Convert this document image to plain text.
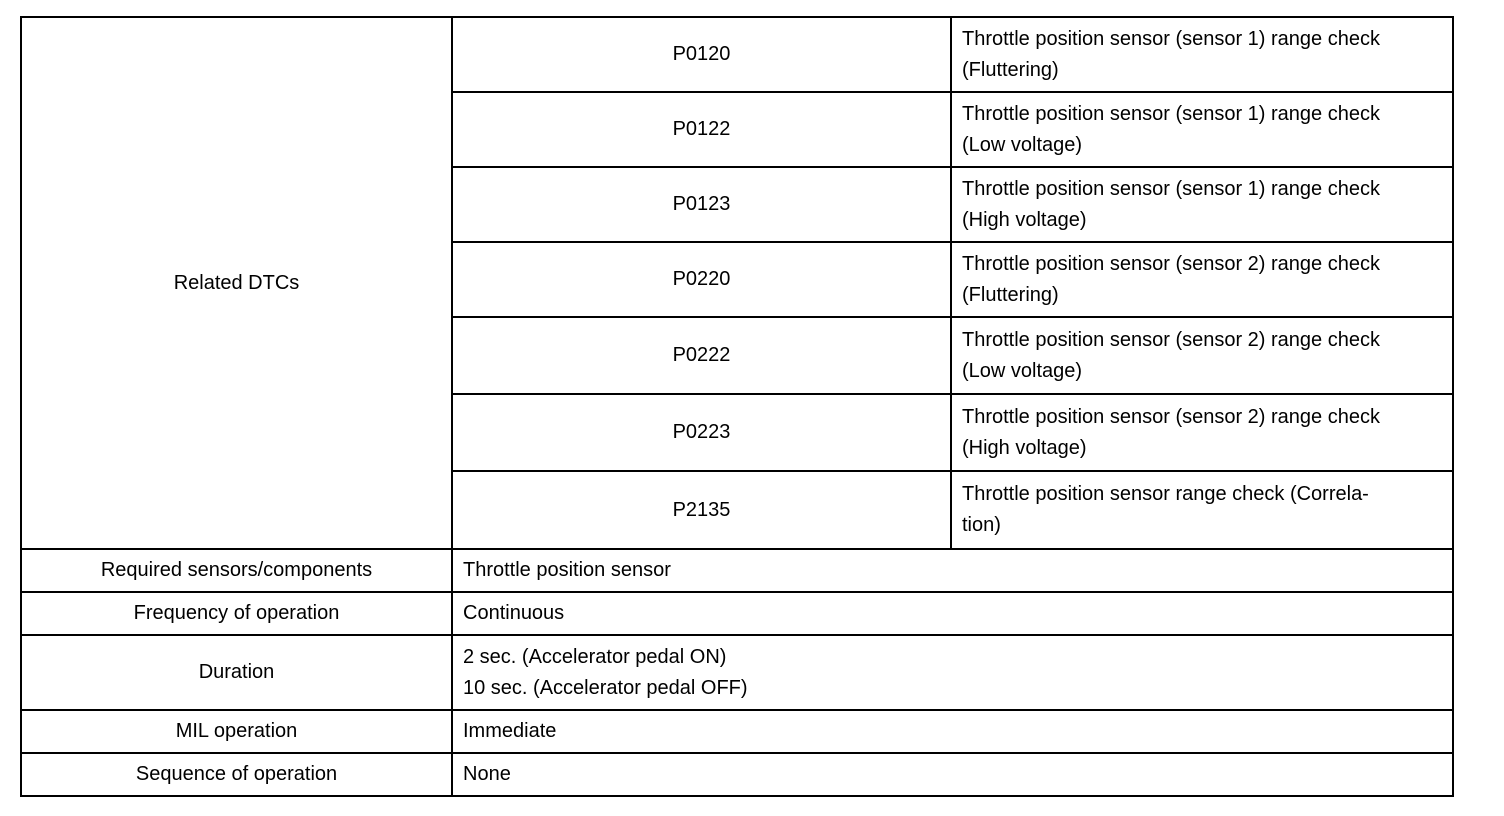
Related DTCs	P0120	Throttle position sensor (sensor 1) range check
(Fluttering)
	P0122	Throttle position sensor (sensor 1) range check
(Low voltage)
	P0123	Throttle position sensor (sensor 1) range check
(High voltage)
	P0220	Throttle position sensor (sensor 2) range check
(Fluttering)
	P0222	Throttle position sensor (sensor 2) range check
(Low voltage)
	P0223	Throttle position sensor (sensor 2) range check
(High voltage)
	P2135	Throttle position sensor range check (Correla-
tion)
Required sensors/components	Throttle position sensor	
Frequency of operation	Continuous	
Duration	2 sec. (Accelerator pedal ON)
10 sec. (Accelerator pedal OFF)	
MIL operation	Immediate	
Sequence of operation	None	
